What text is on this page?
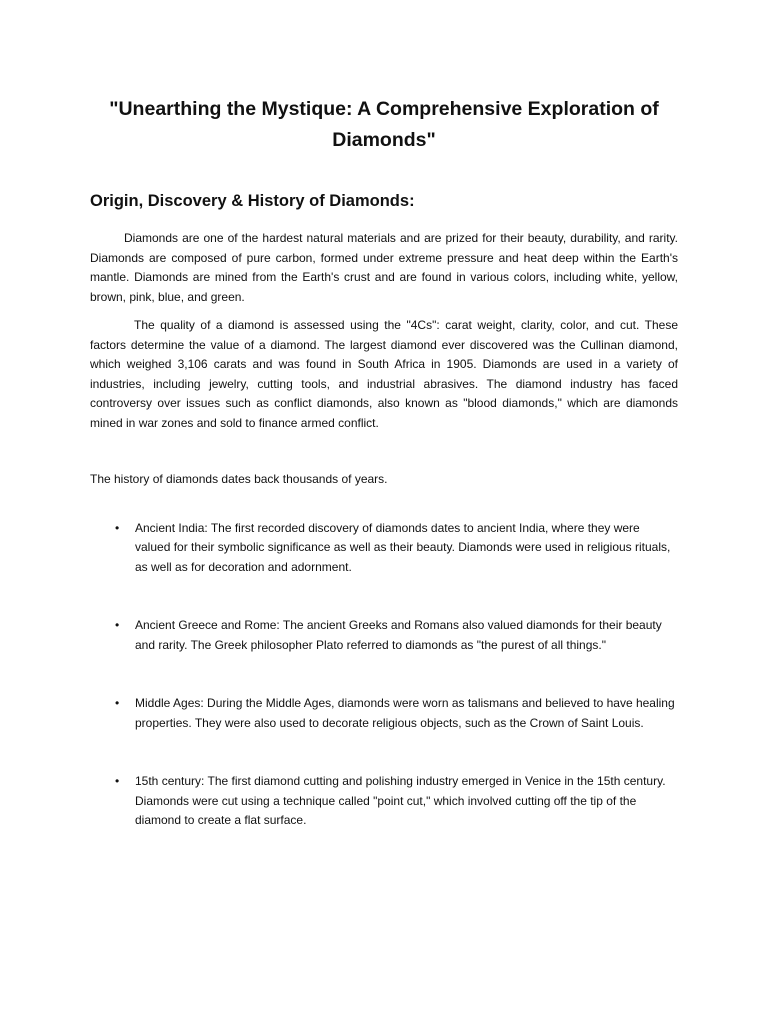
"Unearthing the Mystique: A Comprehensive Exploration of Diamonds"
Origin, Discovery & History of Diamonds:

Diamonds are one of the hardest natural materials and are prized for their beauty, durability, and rarity. Diamonds are composed of pure carbon, formed under extreme pressure and heat deep within the Earth's mantle. Diamonds are mined from the Earth's crust and are found in various colors, including white, yellow, brown, pink, blue, and green.

The quality of a diamond is assessed using the "4Cs": carat weight, clarity, color, and cut. These factors determine the value of a diamond. The largest diamond ever discovered was the Cullinan diamond, which weighed 3,106 carats and was found in South Africa in 1905. Diamonds are used in a variety of industries, including jewelry, cutting tools, and industrial abrasives. The diamond industry has faced controversy over issues such as conflict diamonds, also known as "blood diamonds," which are diamonds mined in war zones and sold to finance armed conflict.

The history of diamonds dates back thousands of years.

• Ancient India: The first recorded discovery of diamonds dates to ancient India, where they were valued for their symbolic significance as well as their beauty. Diamonds were used in religious rituals, as well as for decoration and adornment.
• Ancient Greece and Rome: The ancient Greeks and Romans also valued diamonds for their beauty and rarity. The Greek philosopher Plato referred to diamonds as "the purest of all things."
• Middle Ages: During the Middle Ages, diamonds were worn as talismans and believed to have healing properties. They were also used to decorate religious objects, such as the Crown of Saint Louis.
• 15th century: The first diamond cutting and polishing industry emerged in Venice in the 15th century. Diamonds were cut using a technique called "point cut," which involved cutting off the tip of the diamond to create a flat surface.
